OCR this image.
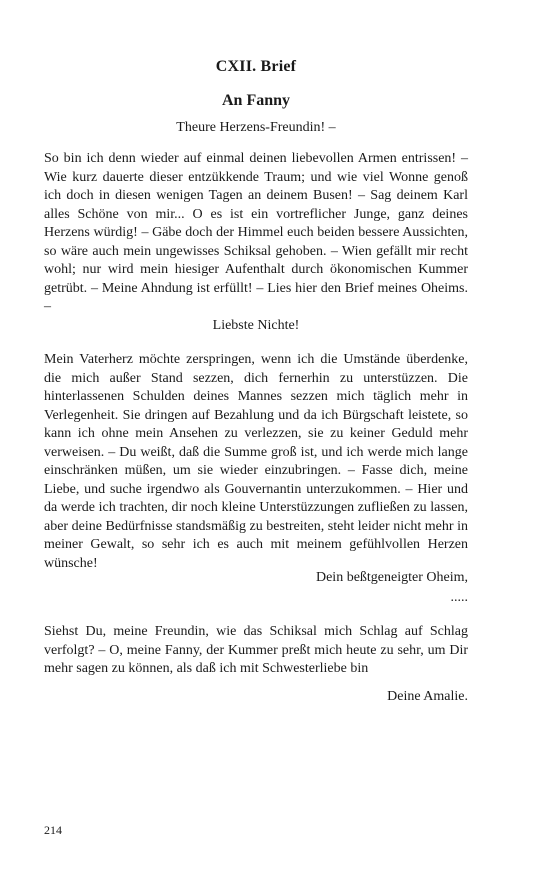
CXII. Brief
An Fanny
Theure Herzens-Freundin! –

So bin ich denn wieder auf einmal deinen liebevollen Armen entrissen! – Wie kurz dauerte dieser entzükkende Traum; und wie viel Wonne genoß ich doch in diesen wenigen Tagen an deinem Busen! – Sag deinem Karl alles Schöne von mir... O es ist ein vortreflicher Junge, ganz deines Herzens würdig! – Gäbe doch der Himmel euch beiden bessere Aussichten, so wäre auch mein ungewisses Schiksal gehoben. – Wien gefällt mir recht wohl; nur wird mein hiesiger Aufenthalt durch ökonomischen Kummer getrübt. – Meine Ahndung ist erfüllt! – Lies hier den Brief meines Oheims. –

Liebste Nichte!

Mein Vaterherz möchte zerspringen, wenn ich die Umstände überdenke, die mich außer Stand sezzen, dich fernerhin zu unterstüzzen. Die hinterlassenen Schulden deines Mannes sezzen mich täglich mehr in Verlegenheit. Sie dringen auf Bezahlung und da ich Bürgschaft leistete, so kann ich ohne mein Ansehen zu verlezzen, sie zu keiner Geduld mehr verweisen. – Du weißt, daß die Summe groß ist, und ich werde mich lange einschränken müßen, um sie wieder einzubringen. – Fasse dich, meine Liebe, und suche irgendwo als Gouvernantin unterzukommen. – Hier und da werde ich trachten, dir noch kleine Unterstüzzungen zufließen zu lassen, aber deine Bedürfnisse standsmäßig zu bestreiten, steht leider nicht mehr in meiner Gewalt, so sehr ich es auch mit meinem gefühlvollen Herzen wünsche!

Dein beßtgeneigter Oheim,
.....

Siehst Du, meine Freundin, wie das Schiksal mich Schlag auf Schlag verfolgt? – O, meine Fanny, der Kummer preßt mich heute zu sehr, um Dir mehr sagen zu können, als daß ich mit Schwesterliebe bin

Deine Amalie.
214
